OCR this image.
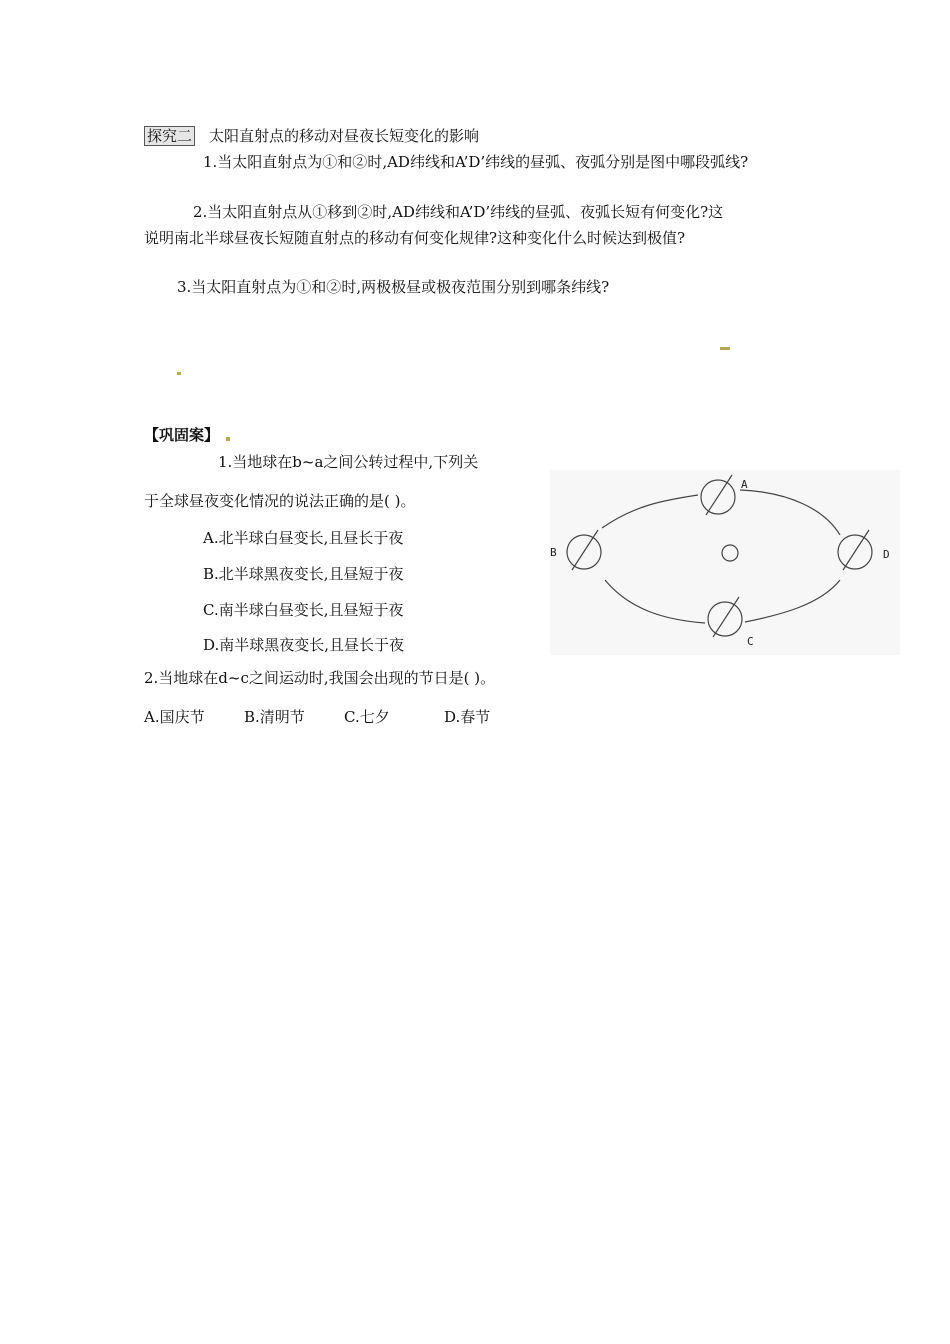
探究二 太阳直射点的移动对昼夜长短变化的影响
1.当太阳直射点为①和②时,AD纬线和A’D’纬线的昼弧、夜弧分别是图中哪段弧线?
2.当太阳直射点从①移到②时,AD纬线和A’D’纬线的昼弧、夜弧长短有何变化?这
说明南北半球昼夜长短随直射点的移动有何变化规律?这种变化什么时候达到极值?
3.当太阳直射点为①和②时,两极极昼或极夜范围分别到哪条纬线?
【巩固案】
1.当地球在b~a之间公转过程中,下列关
于全球昼夜变化情况的说法正确的是( )。
A.北半球白昼变长,且昼长于夜
B.北半球黑夜变长,且昼短于夜
C.南半球白昼变长,且昼短于夜
D.南半球黑夜变长,且昼长于夜
2.当地球在d~c之间运动时,我国会出现的节日是( )。
A.国庆节	B.清明节	C.七夕	D.春节
A
B	D
C
